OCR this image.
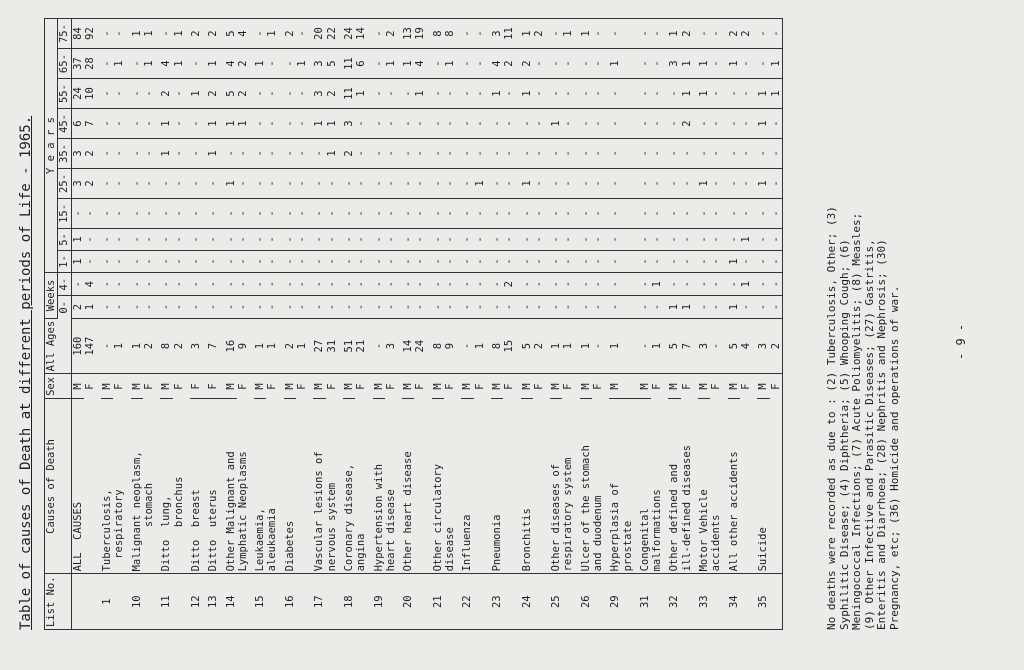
Table of causes of Death at different periods of Life - 1965. List No.	Causes of Death	Sex	All Ages	Weeks		Y e a r s								
				0-	4-	1-	5-	15-	25-	35-	45-	55-	65-	75-
	ALL  CAUSES	M	160	2	-	1	1	-	3	3	6	24	37	84
		F	147	1	4	-	-	-	2	2	7	10	28	92
1	Tuberculosis,
respiratory	M	-	-	-	-	-	-	-	-	-	-	-	-
		F	1	-	-	-	-	-	-	-	-	-	1	-
10	Malignant neoplasm,
stomach	M	1	-	-	-	-	-	-	-	-	-	-	1
		F	2	-	-	-	-	-	-	-	-	-	1	1
11	Ditto  lung,
bronchus	M	8	-	-	-	-	-	-	1	1	2	4	-
		F	2	-	-	-	-	-	-	-	-	-	1	1
12	Ditto  breast	F	3	-	-	-	-	-	-	-	-	1	-	2
13	Ditto  uterus	F	7	-	-	-	-	-	-	1	1	2	1	2
14	Other Malignant and
Lymphatic Neoplasms	M	16	-	-	-	-	-	1	-	1	5	4	5
		F	9	-	-	-	-	-	-	-	1	2	2	4
15	Leukaemia,
aleukaemia	M	1	-	-	-	-	-	-	-	-	-	1	-
		F	1	-	-	-	-	-	-	-	-	-	-	1
16	Diabetes	M	2	-	-	-	-	-	-	-	-	-	-	2
		F	1	-	-	-	-	-	-	-	-	-	1	-
17	Vascular lesions of
nervous system	M	27	-	-	-	-	-	-	-	1	3	3	20
		F	31	-	-	-	-	-	-	1	1	2	5	22
18	Coronary disease,
angina	M	51	-	-	-	-	-	-	2	3	11	11	24
		F	21	-	-	-	-	-	-	-	-	1	6	14
19	Hypertension with
heart disease	M	-	-	-	-	-	-	-	-	-	-	-	-
		F	3	-	-	-	-	-	-	-	-	-	1	2
20	Other heart disease	M	14	-	-	-	-	-	-	-	-	-	1	13
		F	24	-	-	-	-	-	-	-	-	1	4	19
21	Other circulatory
disease	M	8	-	-	-	-	-	-	-	-	-	-	8
		F	9	-	-	-	-	-	-	-	-	-	1	8
22	Influenza	M	-	-	-	-	-	-	-	-	-	-	-	-
		F	1	-	-	-	-	-	1	-	-	-	-	-
23	Pneumonia	M	8	-	-	-	-	-	-	-	-	1	4	3
		F	15	-	2	-	-	-	-	-	-	-	2	11
24	Bronchitis	M	5	-	-	-	-	-	1	-	-	1	2	1
		F	2	-	-	-	-	-	-	-	-	-	-	2
25	Other diseases of
respiratory system	M	1	-	-	-	-	-	-	-	1	-	-	-
		F	1	-	-	-	-	-	-	-	-	-	-	1
26	Ulcer of the stomach
and duodenum	M	1	-	-	-	-	-	-	-	-	-	-	1
		F	-	-	-	-	-	-	-	-	-	-	-	-
29	Hyperplasia of
prostate	M	1	-	-	-	-	-	-	-	-	-	1	-
31	Congenital
malformations	M	-	-	-	-	-	-	-	-	-	-	-	-
		F	1	-	1	-	-	-	-	-	-	-	-	-
32	Other defined and
ill-defined diseases	M	5	1	-	-	-	-	-	-	-	-	3	1
		F	7	1	-	-	-	-	-	-	2	1	1	2
33	Motor Vehicle
accidents	M	3	-	-	-	-	-	1	-	-	1	1	-
		F	-	-	-	-	-	-	-	-	-	-	-	-
34	All other accidents	M	5	1	-	1	-	-	-	-	-	-	1	2
		F	4	-	1	-	1	-	-	-	-	-	-	2
35	Suicide	M	3	-	-	-	-	-	1	-	1	1	-	-
		F	2	-	-	-	-	-	-	-	-	1	1	-
No deaths were recorded as due to : (2) Tuberculosis, Other; (3)
Syphilitic Disease; (4) Diphtheria; (5) Whooping Cough; (6)
Meningococcal Infections; (7) Acute Poliomyelitis; (8) Measles;
(9) Other Infective and Parasitic Diseases; (27) Gastritis,
Enteritis and Diarrhoea; (28) Nephritis and Nephrosis; (30)
Pregnancy, etc; (36) Homicide and operations of war.
- 9 -
